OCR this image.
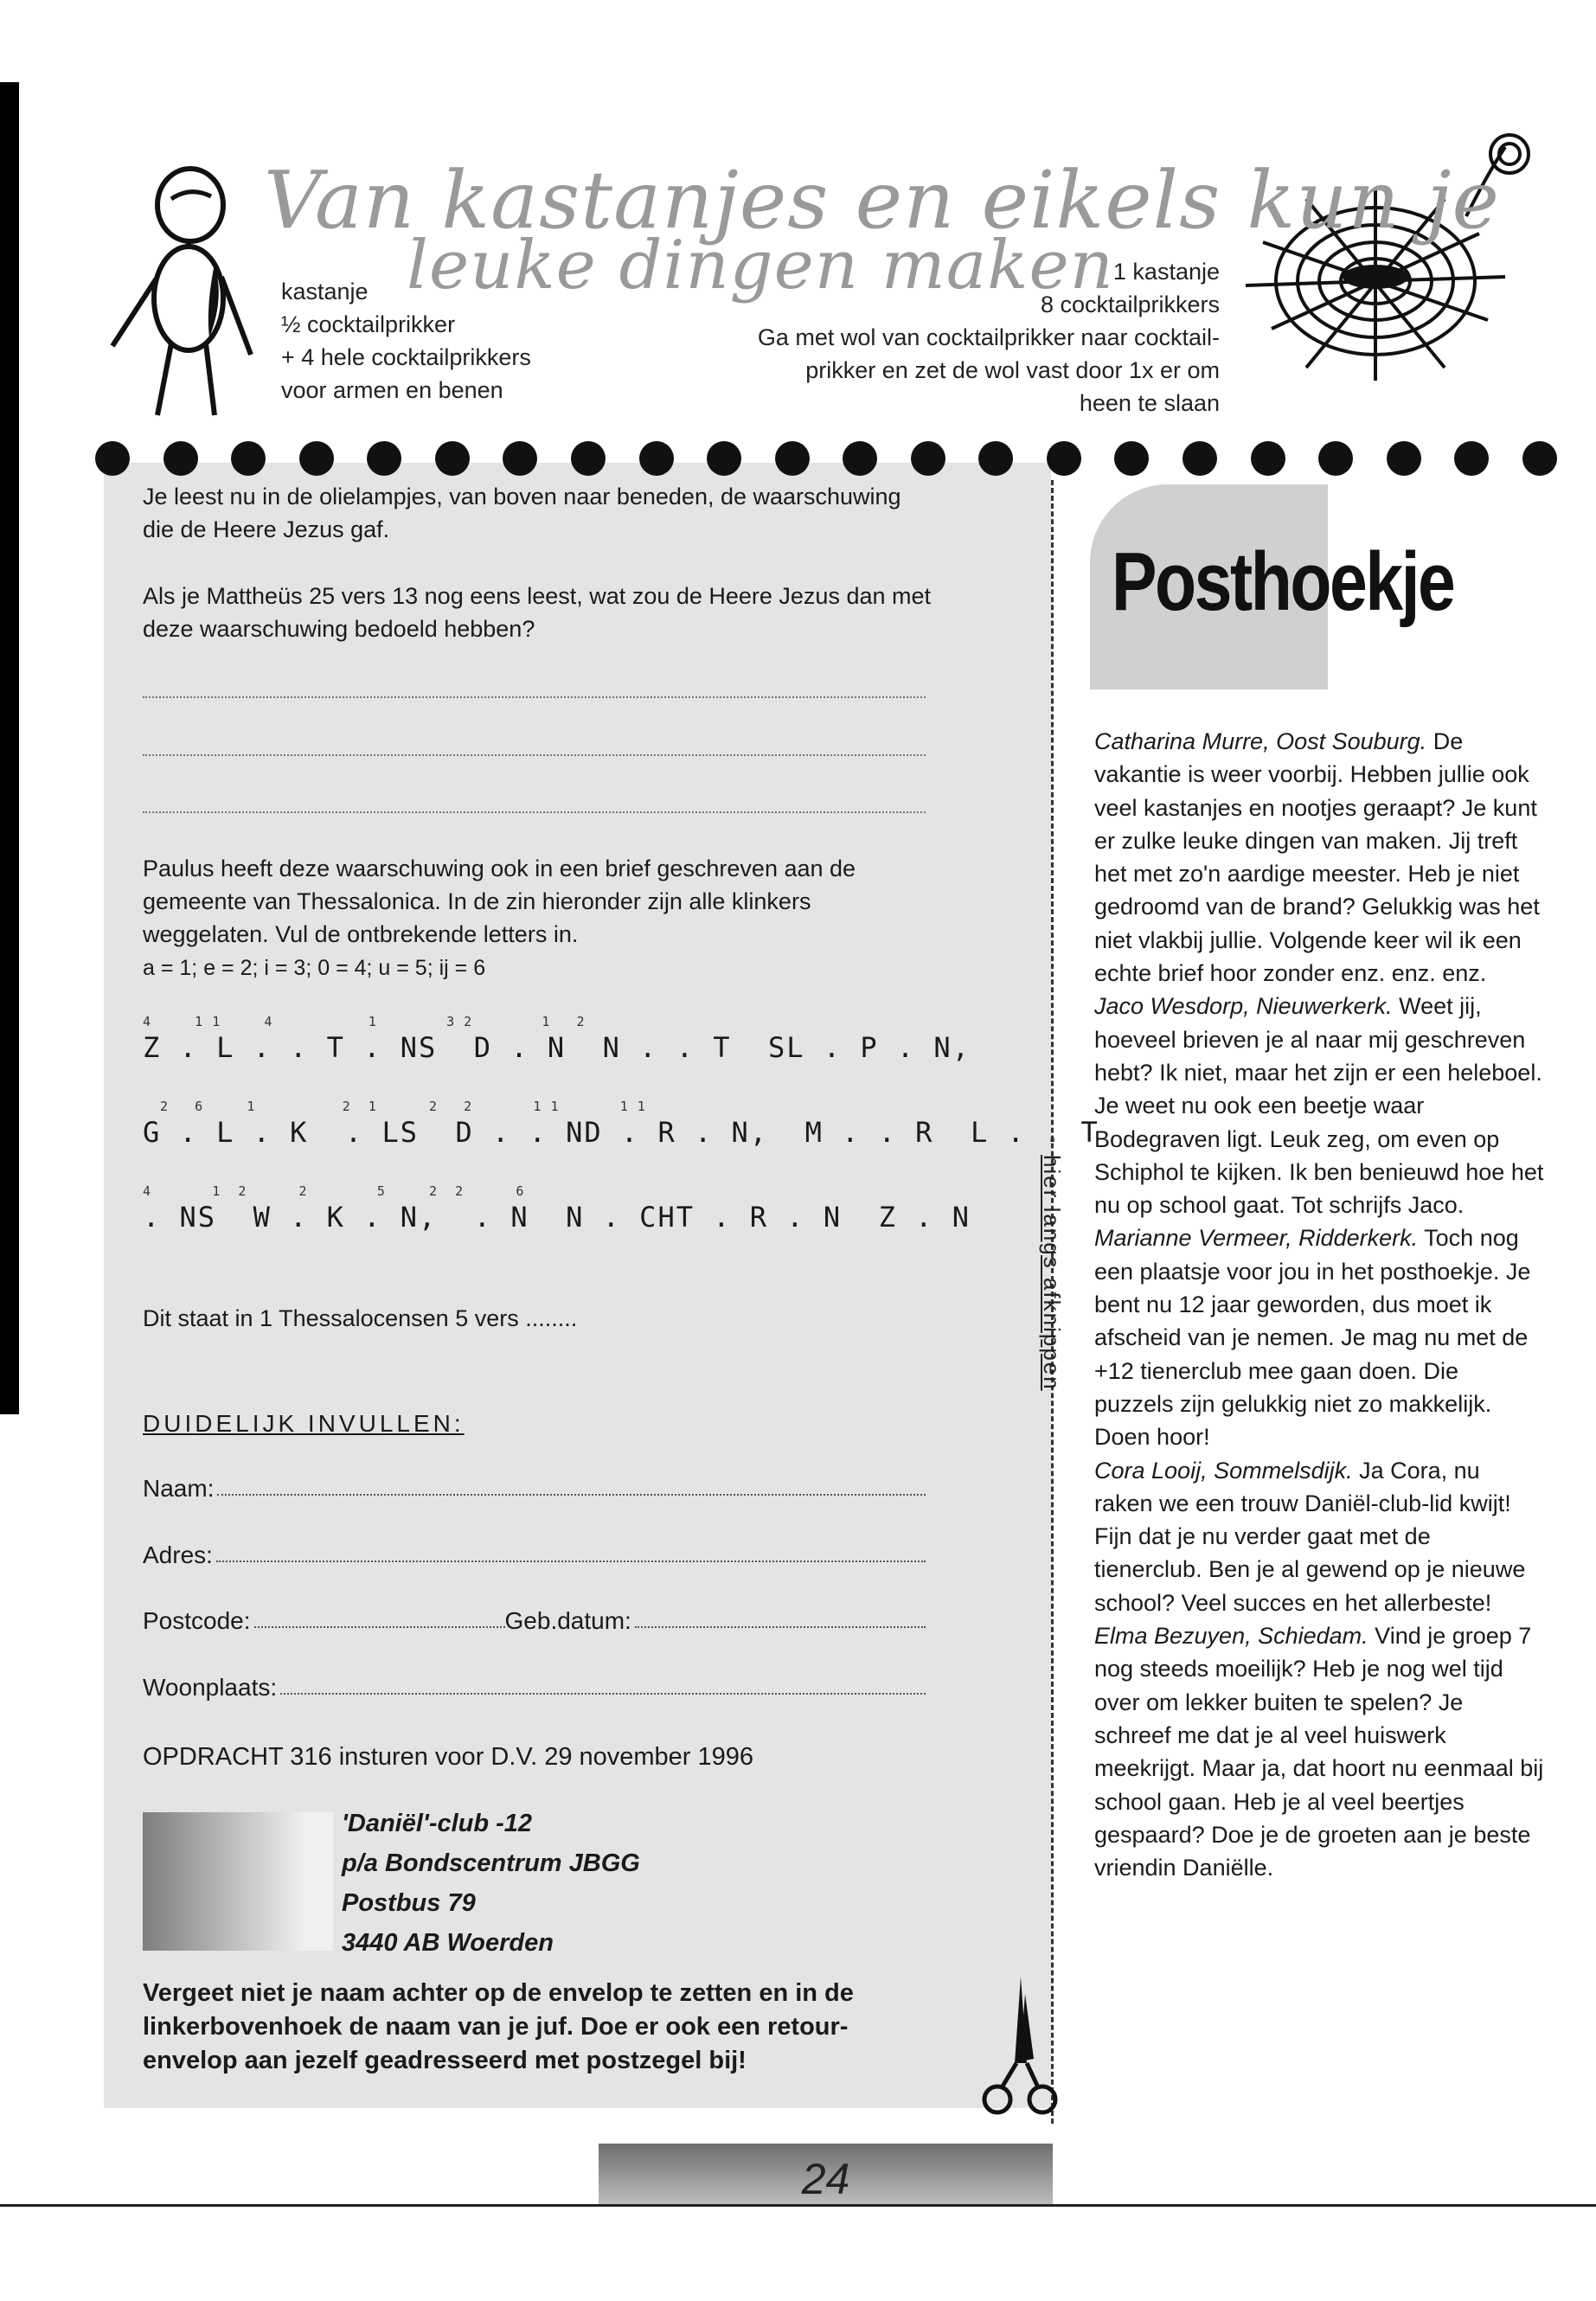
Van kastanjes en eikels kun je
leuke dingen maken
kastanje
½ cocktailprikker
+ 4 hele cocktailprikkers
voor armen en benen
1 kastanje
8 cocktailprikkers
Ga met wol van cocktailprikker naar cocktail-
prikker en zet de wol vast door 1x er om
heen te slaan
Je leest nu in de olielampjes, van boven naar beneden, de waarschuwing die de Heere Jezus gaf.
Als je Mattheüs 25 vers 13 nog eens leest, wat zou de Heere Jezus dan met deze waarschuwing bedoeld hebben?
Paulus heeft deze waarschuwing ook in een brief geschreven aan de gemeente van Thessalonica. In de zin hieronder zijn alle klinkers weggelaten. Vul de ontbrekende letters in.
a = 1; e = 2; i = 3; 0 = 4; u = 5; ij = 6
4     1 1     4           1        3 2        1   2
Z . L . . T . NS  D . N  N . . T  SL . P . N,
2   6     1          2  1      2   2       1 1       1 1
G . L . K  . LS  D . . ND . R . N,  M . . R  L . . T
4       1  2      2        5     2  2      6
. NS  W . K . N,  . N  N . CHT . R . N  Z . N
Dit staat in 1 Thessalocensen 5 vers ........
DUIDELIJK INVULLEN:
Naam:
Adres:
Postcode:	Geb.datum:
Woonplaats:
OPDRACHT 316 insturen voor D.V. 29 november 1996
'Daniël'-club -12
p/a Bondscentrum JBGG
Postbus 79
3440 AB Woerden
Vergeet niet je naam achter op de envelop te zetten en in de linkerbovenhoek de naam van je juf. Doe er ook een retour-envelop aan jezelf geadresseerd met postzegel bij!
hier langs afknippen
Posthoekje
Catharina Murre, Oost Souburg. De vakantie is weer voorbij. Hebben jullie ook veel kastanjes en nootjes geraapt? Je kunt er zulke leuke dingen van maken. Jij treft het met zo'n aardige meester. Heb je niet gedroomd van de brand? Gelukkig was het niet vlakbij jullie. Volgende keer wil ik een echte brief hoor zonder enz. enz. enz.
Jaco Wesdorp, Nieuwerkerk. Weet jij, hoeveel brieven je al naar mij geschreven hebt? Ik niet, maar het zijn er een heleboel. Je weet nu ook een beetje waar Bodegraven ligt. Leuk zeg, om even op Schiphol te kijken. Ik ben benieuwd hoe het nu op school gaat. Tot schrijfs Jaco.
Marianne Vermeer, Ridderkerk. Toch nog een plaatsje voor jou in het posthoekje. Je bent nu 12 jaar geworden, dus moet ik afscheid van je nemen. Je mag nu met de +12 tienerclub mee gaan doen. Die puzzels zijn gelukkig niet zo makkelijk. Doen hoor!
Cora Looij, Sommelsdijk. Ja Cora, nu raken we een trouw Daniël-club-lid kwijt! Fijn dat je nu verder gaat met de tienerclub. Ben je al gewend op je nieuwe school? Veel succes en het allerbeste!
Elma Bezuyen, Schiedam. Vind je groep 7 nog steeds moeilijk? Heb je nog wel tijd over om lekker buiten te spelen? Je schreef me dat je al veel huiswerk meekrijgt. Maar ja, dat hoort nu eenmaal bij school gaan. Heb je al veel beertjes gespaard? Doe je de groeten aan je beste vriendin Daniëlle.
24
